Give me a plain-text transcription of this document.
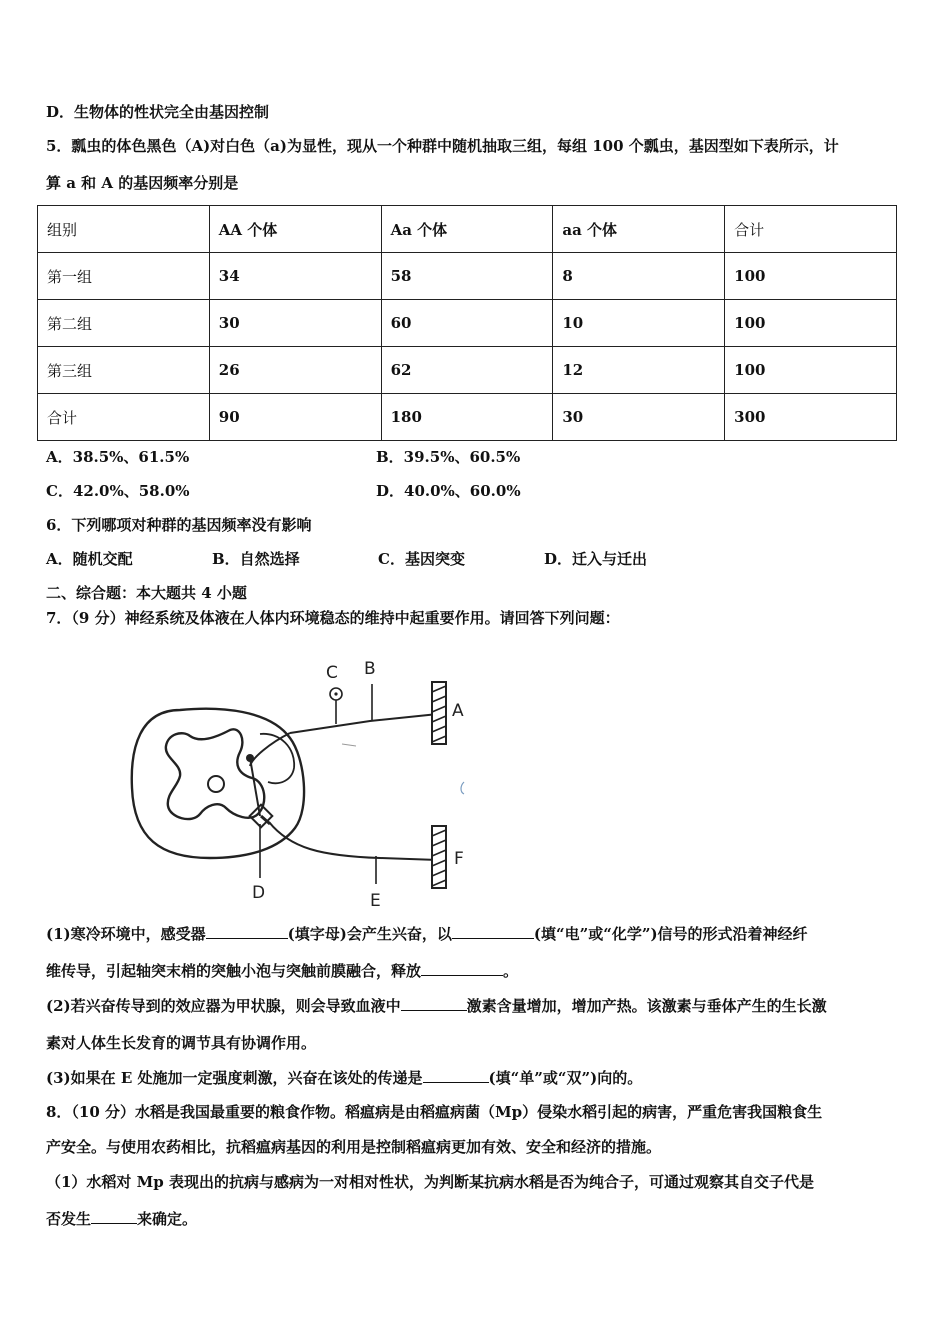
D．生物体的性状完全由基因控制
5．瓢虫的体色黑色（A)对白色（a)为显性，现从一个种群中随机抽取三组，每组 100 个瓢虫，基因型如下表所示，计
算 a 和 A 的基因频率分别是
组别	AA 个体	Aa 个体	aa 个体	合计
第一组	34	58	8	100
第二组	30	60	10	100
第三组	26	62	12	100
合计	90	180	30	300
A．38.5%、61.5%	B．39.5%、60.5%
C．42.0%、58.0%	D．40.0%、60.0%
6．下列哪项对种群的基因频率没有影响
A．随机交配	B．自然选择	C．基因突变	D．迁入与迁出
二、综合题：本大题共 4 小题
7．（9 分）神经系统及体液在人体内环境稳态的维持中起重要作用。请回答下列问题：
C B
A
F
D	E
(1)寒冷环境中，感受器	(填字母)会产生兴奋，以	(填“电”或“化学”)信号的形式沿着神经纤
维传导，引起轴突末梢的突触小泡与突触前膜融合，释放	。
(2)若兴奋传导到的效应器为甲状腺，则会导致血液中	激素含量增加，增加产热。该激素与垂体产生的生长激
素对人体生长发育的调节具有协调作用。
(3)如果在 E 处施加一定强度刺激，兴奋在该处的传递是	(填“单”或“双”)向的。
8．（10 分）水稻是我国最重要的粮食作物。稻瘟病是由稻瘟病菌（Mp）侵染水稻引起的病害，严重危害我国粮食生
产安全。与使用农药相比，抗稻瘟病基因的利用是控制稻瘟病更加有效、安全和经济的措施。
（1）水稻对 Mp 表现出的抗病与感病为一对相对性状，为判断某抗病水稻是否为纯合子，可通过观察其自交子代是
否发生	来确定。
